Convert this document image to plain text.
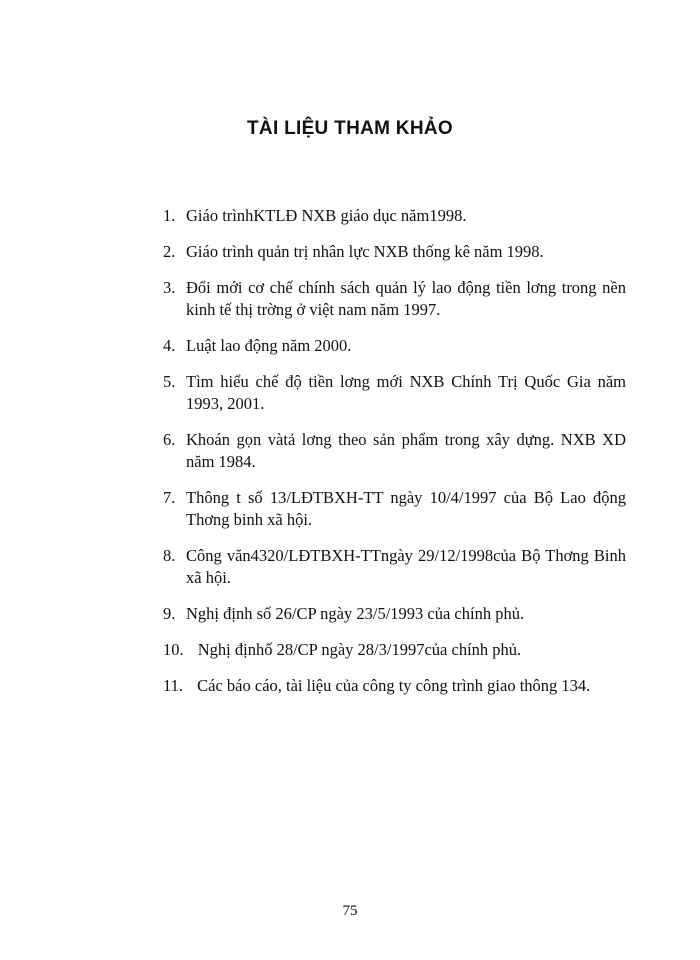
TÀI LIỆU THAM KHẢO
1. Giáo trìnhKTLĐ NXB giáo dục năm1998.
2. Giáo trình quản trị nhân lực NXB thống kê năm 1998.
3. Đổi mới cơ chế chính sách quản lý lao động tiền lơng trong nền kinh tế thị trờng ở việt nam năm 1997.
4. Luật lao động năm 2000.
5. Tìm hiểu chế độ tiền lơng mới NXB Chính Trị Quốc Gia năm 1993, 2001.
6. Khoán gọn vàtả lơng theo sản phẩm trong xây dựng. NXB XD năm 1984.
7. Thông t số 13/LĐTBXH-TT ngày 10/4/1997 của Bộ Lao động Thơng binh xã hội.
8. Công văn4320/LĐTBXH-TTngày 29/12/1998của Bộ Thơng Binh xã hội.
9. Nghị định số 26/CP ngày 23/5/1993 của chính phủ.
10. Nghị địnhố 28/CP ngày 28/3/1997của chính phủ.
11. Các báo cáo, tài liệu của công ty công trình giao thông 134.
75
